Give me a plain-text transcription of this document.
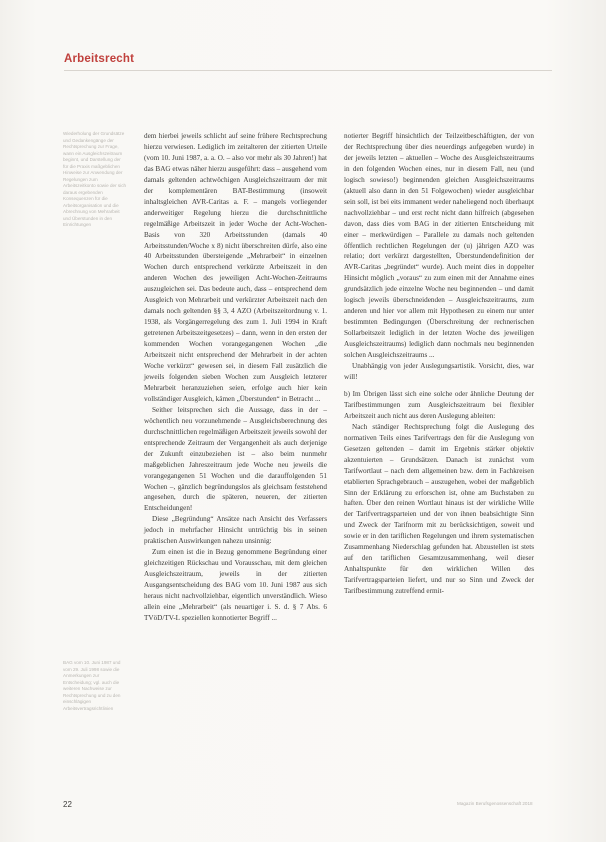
Arbeitsrecht

Wiederholung der Grundsätze und Gedankengänge der Rechtsprechung zur Frage, wann ein Ausgleichszeitraum beginnt, und Darstellung der für die Praxis maßgeblichen Hinweise zur Anwendung der Regelungen zum Arbeitszeitkonto sowie der sich daraus ergebenden Konsequenzen für die Arbeitsorganisation und die Abrechnung von Mehrarbeit und Überstunden in den Einrichtungen

BAG vom 10. Juni 1987 und vom 29. Juli 1998 sowie die Anmerkungen zur Entscheidung; vgl. auch die weiteren Nachweise zur Rechtsprechung und zu den einschlägigen Arbeitsvertragsrichtlinien

dem hierbei jeweils schlicht auf seine frühere Rechtsprechung hierzu verwiesen. Lediglich im zeitalteren der zitierten Urteile (vom 10. Juni 1987, a. a. O. – also vor mehr als 30 Jahren!) hat das BAG etwas näher hierzu ausgeführt: dass – ausgehend vom damals geltenden achtwöchigen Ausgleichszeitraum der mit der komplementären BAT-Bestimmung (insoweit inhaltsgleichen AVR-Caritas a. F. – mangels vorliegender anderweitiger Regelung hierzu die durchschnittliche regelmäßige Arbeitszeit in jeder Woche der Acht-Wochen-Basis von 320 Arbeitsstunden (damals 40 Arbeitsstunden/Woche x 8) nicht überschreiten dürfe, also eine 40 Arbeitsstunden übersteigende „Mehrarbeit“ in einzelnen Wochen durch entsprechend verkürzte Arbeitszeit in den anderen Wochen des jeweiligen Acht-Wochen-Zeitraums auszugleichen sei. Das bedeute auch, dass – entsprechend dem Ausgleich von Mehrarbeit und verkürzter Arbeitszeit nach den damals noch geltenden §§ 3, 4 AZO (Arbeitszeitordnung v. 1. 1938, als Vorgängerregelung des zum 1. Juli 1994 in Kraft getretenen Arbeitszeitgesetzes) – dann, wenn in den ersten der kommenden Wochen vorangegangenen Wochen „die Arbeitszeit nicht entsprechend der Mehrarbeit in der achten Woche verkürzt“ gewesen sei, in diesem Fall zusätzlich die jeweils folgenden sieben Wochen zum Ausgleich letzterer Mehrarbeit heranzuziehen seien, erfolge auch hier kein vollständiger Ausgleich, kämen „Überstunden“ in Betracht ...

Seither leitsprechen sich die Aussage, dass in der – wöchentlich neu vorzunehmende – Ausgleichsberechnung des durchschnittlichen regelmäßigen Arbeitszeit jeweils sowohl der entsprechende Zeitraum der Vergangenheit als auch derjenige der Zukunft einzubeziehen ist – also beim nunmehr maßgeblichen Jahreszeitraum jede Woche neu jeweils die vorangegangenen 51 Wochen und die darauffolgenden 51 Wochen –, gänzlich begründungslos als gleichsam feststehend angesehen, durch die späteren, neueren, der zitierten Entscheidungen!

Diese „Begründung“ Ansätze nach Ansicht des Verfassers jedoch in mehrfacher Hinsicht untrüchtig bis in seinen praktischen Auswirkungen nahezu unsinnig:

Zum einen ist die in Bezug genommene Begründung einer gleichzeitigen Rückschau und Vorausschau, mit dem gleichen Ausgleichszeitraum, jeweils in der zitierten Ausgangsentscheidung des BAG vom 10. Juni 1987 aus sich heraus nicht nachvollziehbar, eigentlich unverständlich. Wieso allein eine „Mehrarbeit“ (als neuartiger i. S. d. § 7 Abs. 6 TVöD/TV-L speziellen konnotierter Begriff ...

notierter Begriff hinsichtlich der Teilzeitbeschäftigten, der von der Rechtsprechung über dies neuerdings aufgegeben wurde) in der jeweils letzten – aktuellen – Woche des Ausgleichszeitraums in den folgenden Wochen eines, nur in diesem Fall, neu (und logisch sowieso!) beginnenden gleichen Ausgleichszeitraums (aktuell also dann in den 51 Folgewochen) wieder ausgleichbar sein soll, ist bei eits immanent weder naheliegend noch überhaupt nachvollziehbar – und erst recht nicht dann hilfreich (abgesehen davon, dass dies vom BAG in der zitierten Entscheidung mit einer – merkwürdigen – Parallele zu damals noch geltenden öffentlich rechtlichen Regelungen der (u) jährigen AZO was relatio; dort verkürzt dargestellten, Überstundendefinition der AVR-Caritas „begründet“ wurde). Auch meint dies in doppelter Hinsicht möglich „voraus“ zu zum einen mit der Annahme eines grundsätzlich jede einzelne Woche neu beginnenden – und damit logisch jeweils überschneidenden – Ausgleichszeitraums, zum anderen und hier vor allem mit Hypothesen zu einem nur unter bestimmten Bedingungen (Überschreitung der rechnerischen Sollarbeitszeit lediglich in der letzten Woche des jeweiligen Ausgleichszeitraums) lediglich dann nochmals neu beginnenden solchen Ausgleichszeitraums ...

Unabhängig von jeder Auslegungsartistik. Vorsicht, dies, war will!

b) Im Übrigen lässt sich eine solche oder ähnliche Deutung der Tarifbestimmungen zum Ausgleichszeitraum bei flexibler Arbeitszeit auch nicht aus deren Auslegung ableiten:

Nach ständiger Rechtsprechung folgt die Auslegung des normativen Teils eines Tarifvertrags den für die Auslegung von Gesetzen geltenden – damit im Ergebnis stärker objektiv akzentuierten – Grundsätzen. Danach ist zunächst vom Tarifwortlaut – nach dem allgemeinen bzw. dem in Fachkreisen etablierten Sprachgebrauch – auszugehen, wobei der maßgeblich Sinn der Erklärung zu erforschen ist, ohne am Buchstaben zu haften. Über den reinen Wortlaut hinaus ist der wirkliche Wille der Tarifvertragsparteien und der von ihnen beabsichtigte Sinn und Zweck der Tarifnorm mit zu berücksichtigen, soweit und sowie er in den tariflichen Regelungen und ihrem systematischen Zusammenhang Niederschlag gefunden hat. Abzustellen ist stets auf den tariflichen Gesamtzusammenhang, weil dieser Anhaltspunkte für den wirklichen Willen des Tarifvertragsparteien liefert, und nur so Sinn und Zweck der Tarifbestimmung zutreffend ermit-

22	Magazin Berufsgenossenschaft 2018
